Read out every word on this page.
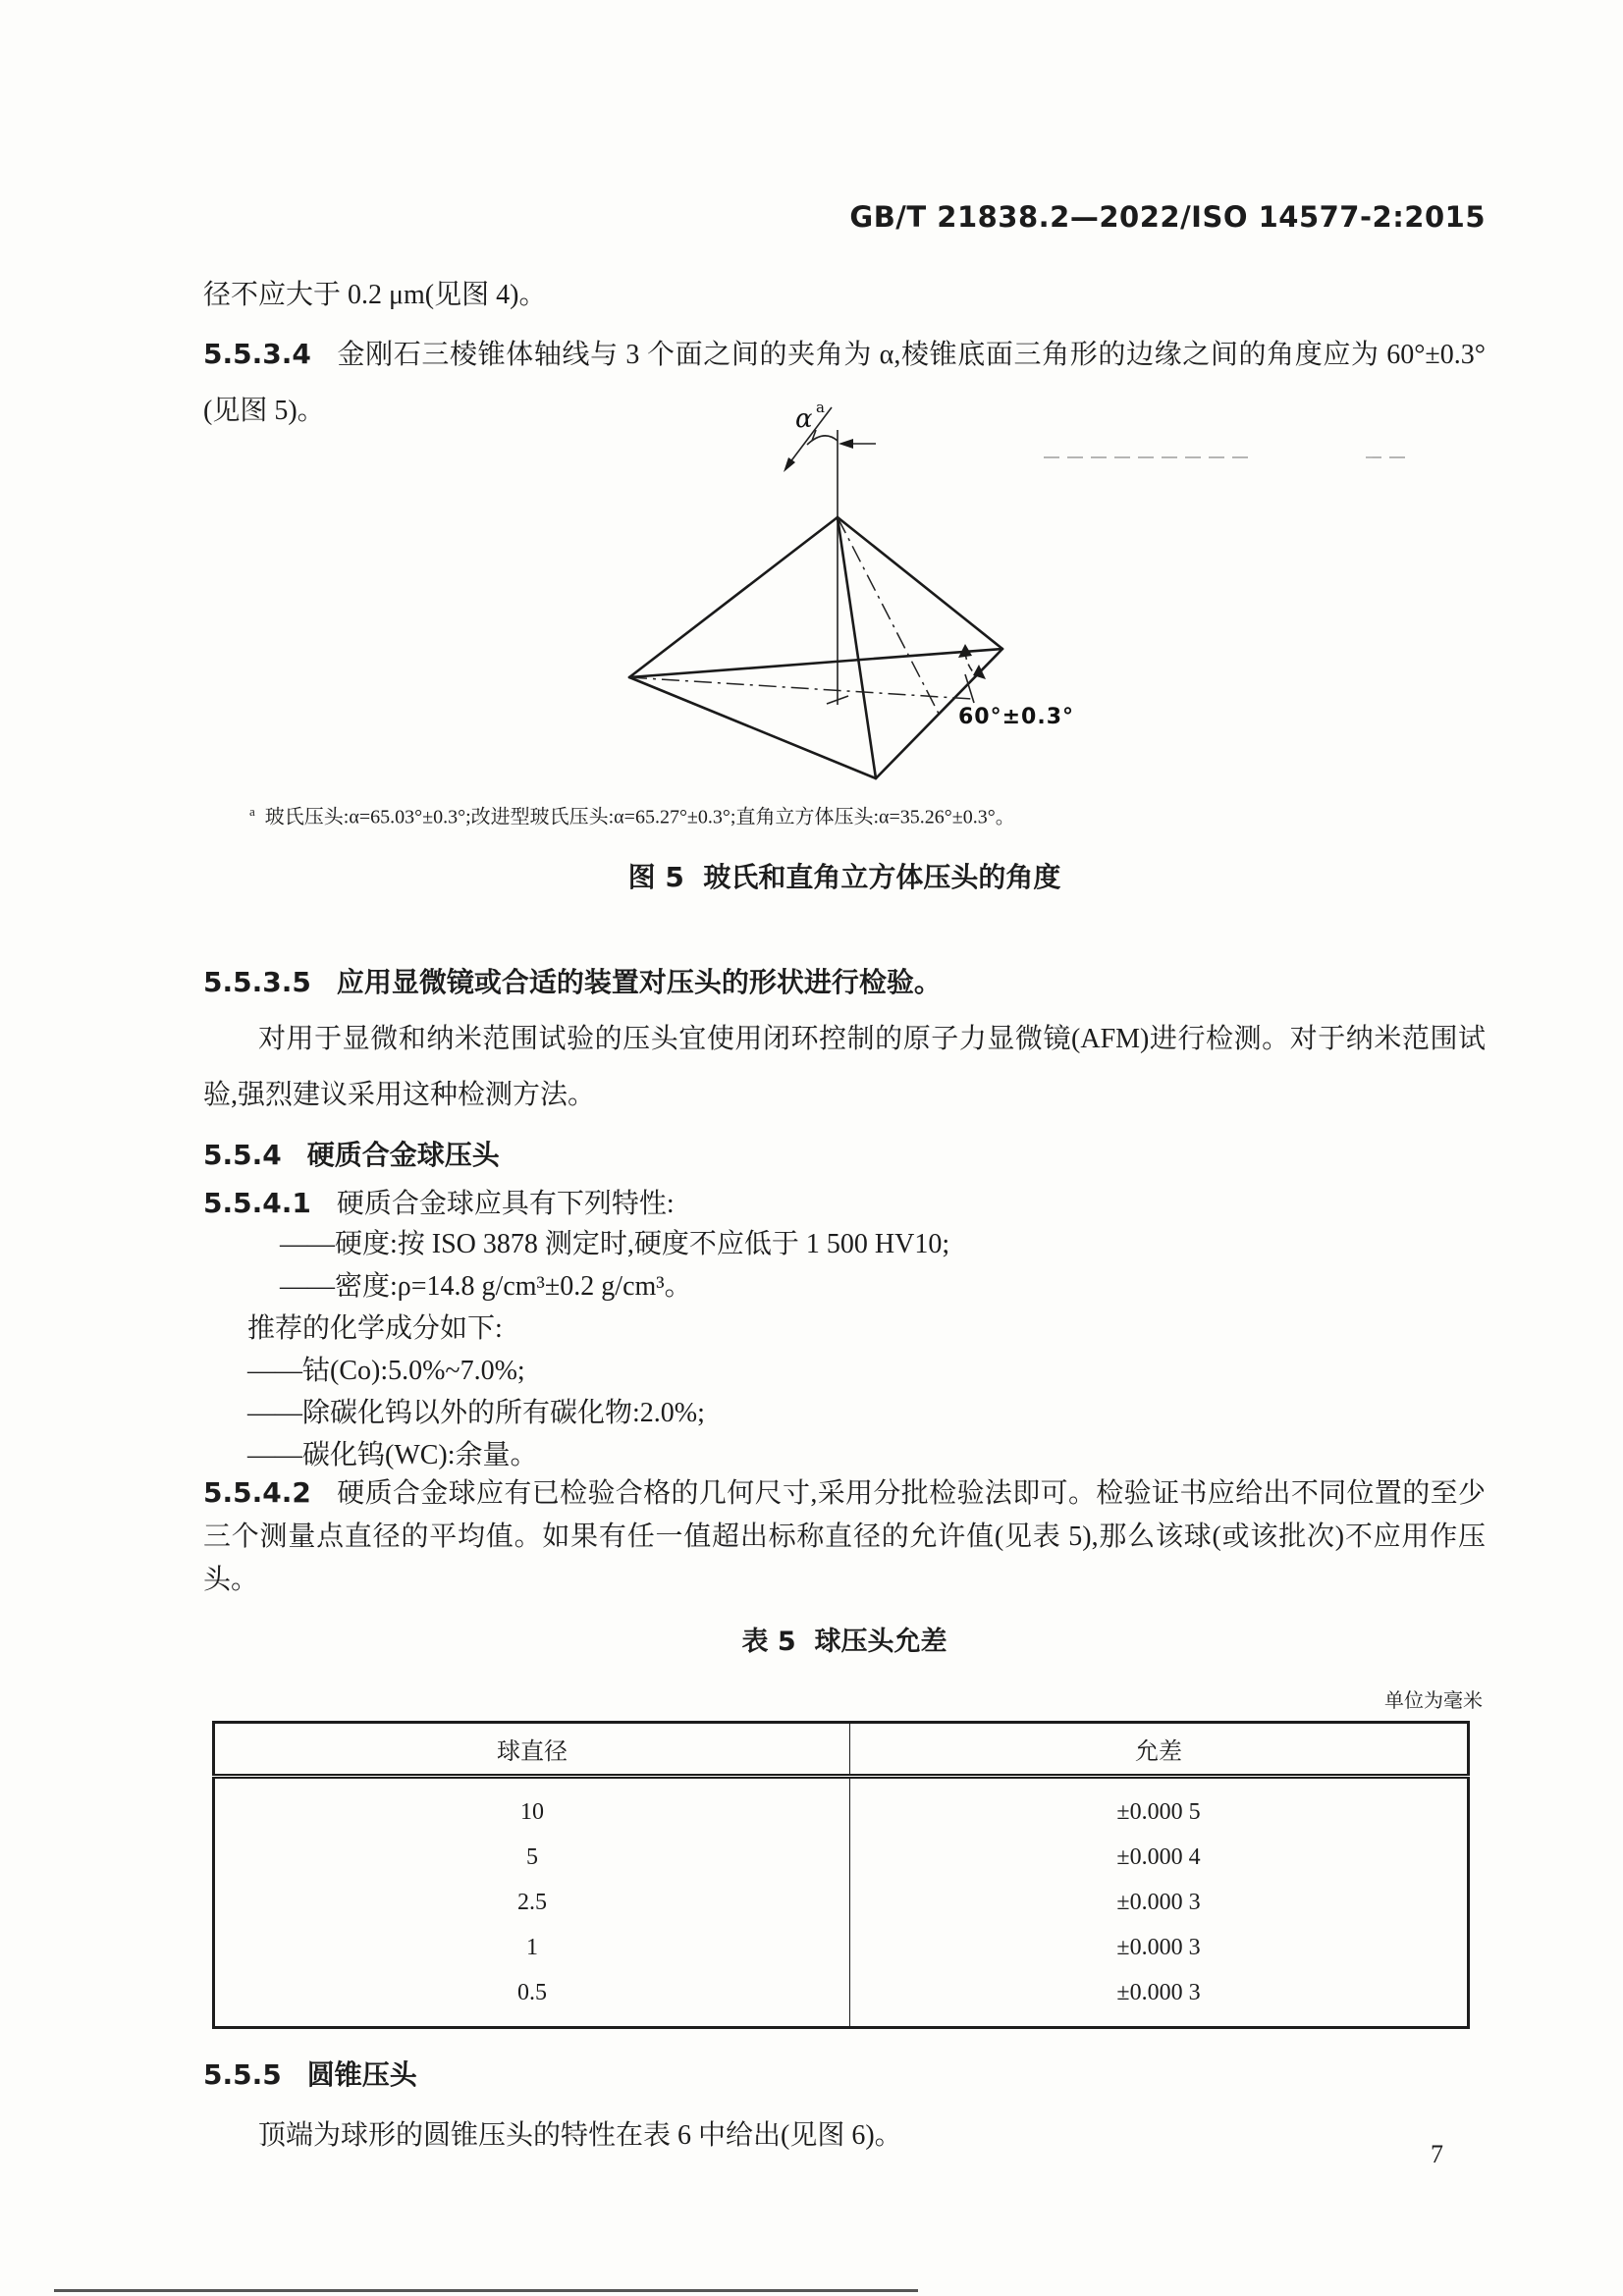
GB/T 21838.2—2022/ISO 14577-2:2015

径不应大于 0.2 μm(见图 4)。

5.5.3.4 金刚石三棱锥体轴线与 3 个面之间的夹角为 α,棱锥底面三角形的边缘之间的角度应为 60°±0.3°(见图 5)。	α a
60°±0.3°
$^a$ 玻氏压头:α=65.03°±0.3°;改进型玻氏压头:α=65.27°±0.3°;直角立方体压头:α=35.26°±0.3°。
图 5  玻氏和直角立方体压头的角度

5.5.3.5 应用显微镜或合适的装置对压头的形状进行检验。

对用于显微和纳米范围试验的压头宜使用闭环控制的原子力显微镜(AFM)进行检测。对于纳米范围试验,强烈建议采用这种检测方法。

5.5.4 硬质合金球压头

5.5.4.1 硬质合金球应具有下列特性:

——硬度:按 ISO 3878 测定时,硬度不应低于 1 500 HV10;
——密度:ρ=14.8 g/cm³±0.2 g/cm³。

推荐的化学成分如下:

——钴(Co):5.0%~7.0%;
——除碳化钨以外的所有碳化物:2.0%;
——碳化钨(WC):余量。

5.5.4.2 硬质合金球应有已检验合格的几何尺寸,采用分批检验法即可。检验证书应给出不同位置的至少三个测量点直径的平均值。如果有任一值超出标称直径的允许值(见表 5),那么该球(或该批次)不应用作压头。

表 5  球压头允差
单位为毫米
球直径	允差
10	±0.000 5
5	±0.000 4
2.5	±0.000 3
1	±0.000 3
0.5	±0.000 3

5.5.5 圆锥压头

顶端为球形的圆锥压头的特性在表 6 中给出(见图 6)。

7
